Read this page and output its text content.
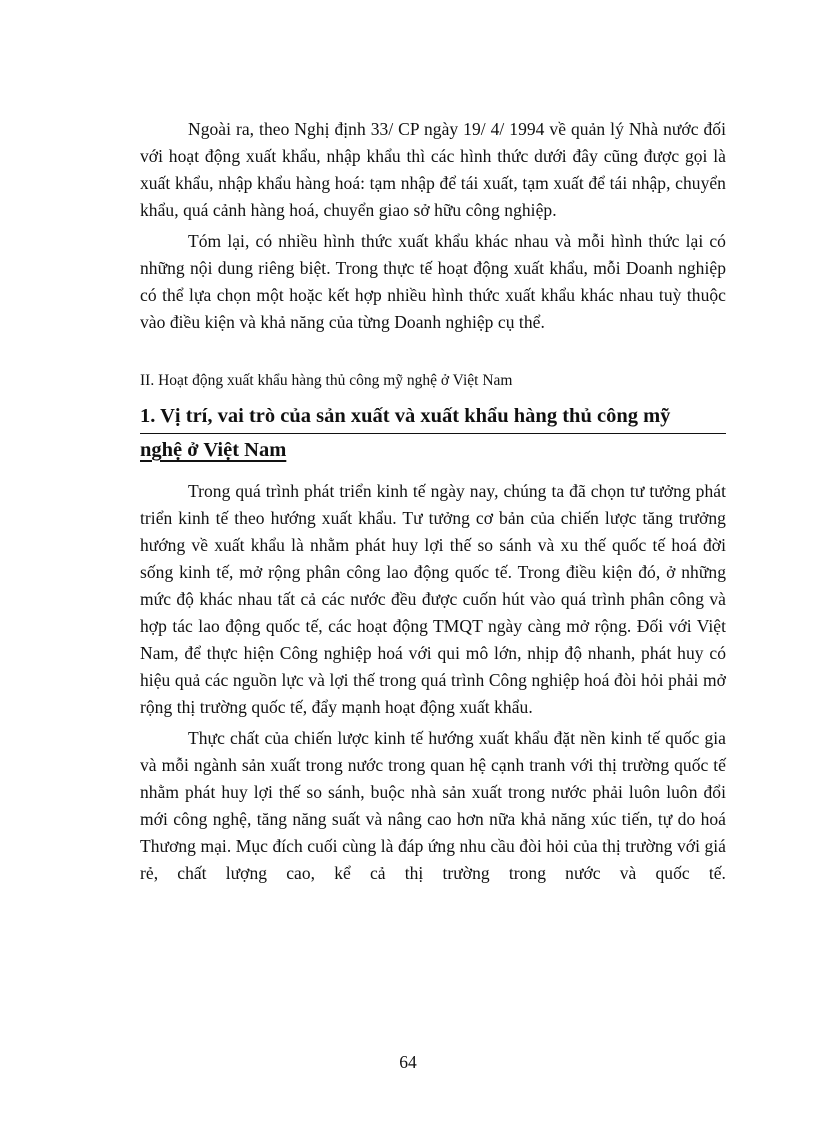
Ngoài ra, theo Nghị định 33/ CP ngày 19/ 4/ 1994 về quản lý Nhà nước đối với hoạt động xuất khẩu, nhập khẩu thì các hình thức dưới đây cũng được gọi là xuất khẩu, nhập khẩu hàng hoá: tạm nhập để tái xuất, tạm xuất để tái nhập, chuyển khẩu, quá cảnh hàng hoá, chuyển giao sở hữu công nghiệp.

Tóm lại, có nhiều hình thức xuất khẩu khác nhau và mỗi hình thức lại có những nội dung riêng biệt. Trong thực tế hoạt động xuất khẩu, mỗi Doanh nghiệp có thể lựa chọn một hoặc kết hợp nhiều hình thức xuất khẩu khác nhau tuỳ thuộc vào điều kiện và khả năng của từng Doanh nghiệp cụ thể.

II. Hoạt động xuất khẩu hàng thủ công mỹ nghệ ở Việt Nam
1. Vị trí, vai trò của sản xuất và xuất khẩu hàng thủ công mỹ
nghệ ở Việt Nam

Trong quá trình phát triển kinh tế ngày nay, chúng ta đã chọn tư tưởng phát triển kinh tế theo hướng xuất khẩu. Tư tưởng cơ bản của chiến lược tăng trưởng hướng về xuất khẩu là nhằm phát huy lợi thế so sánh và xu thế quốc tế hoá đời sống kinh tế, mở rộng phân công lao động quốc tế. Trong điều kiện đó, ở những mức độ khác nhau tất cả các nước đều được cuốn hút vào quá trình phân công và hợp tác lao động quốc tế, các hoạt động TMQT ngày càng mở rộng. Đối với Việt Nam, để thực hiện Công nghiệp hoá với qui mô lớn, nhịp độ nhanh, phát huy có hiệu quả các nguồn lực và lợi thế trong quá trình Công nghiệp hoá đòi hỏi phải mở rộng thị trường quốc tế, đẩy mạnh hoạt động xuất khẩu.

Thực chất của chiến lược kinh tế hướng xuất khẩu đặt nền kinh tế quốc gia và mỗi ngành sản xuất trong nước trong quan hệ cạnh tranh với thị trường quốc tế nhằm phát huy lợi thế so sánh, buộc nhà sản xuất trong nước phải luôn luôn đổi mới công nghệ, tăng năng suất và nâng cao hơn nữa khả năng xúc tiến, tự do hoá Thương mại. Mục đích cuối cùng là đáp ứng nhu cầu đòi hỏi của thị trường với giá rẻ, chất lượng cao, kể cả thị trường trong nước và quốc tế.

64
